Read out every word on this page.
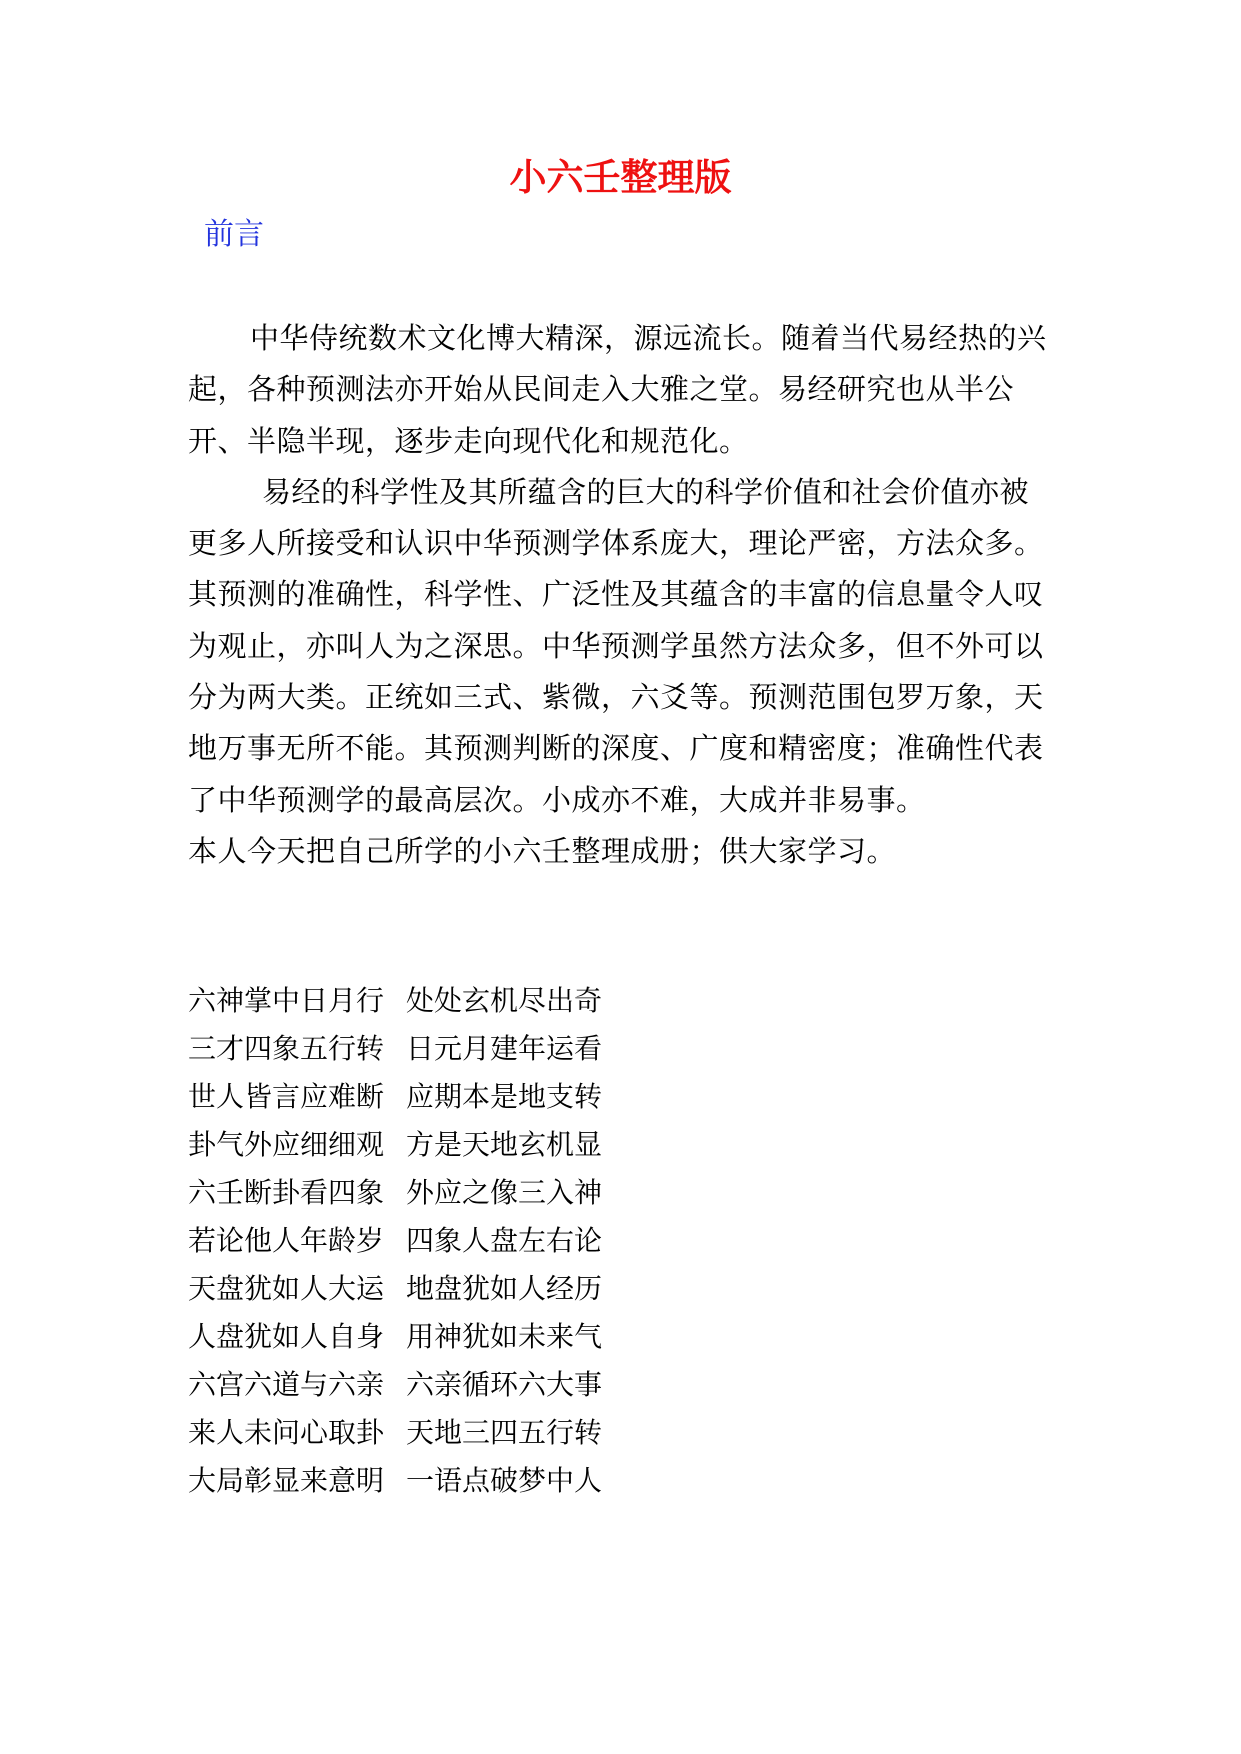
小六壬整理版
前言

中华侍统数术文化博大精深，源远流长。随着当代易经热的兴起，各种预测法亦开始从民间走入大雅之堂。易经研究也从半公开、半隐半现，逐步走向现代化和规范化。

易经的科学性及其所蕴含的巨大的科学价值和社会价值亦被更多人所接受和认识中华预测学体系庞大，理论严密，方法众多。其预测的准确性，科学性、广泛性及其蕴含的丰富的信息量令人叹为观止，亦叫人为之深思。中华预测学虽然方法众多，但不外可以分为两大类。正统如三式、紫微，六爻等。预测范围包罗万象，天地万事无所不能。其预测判断的深度、广度和精密度；准确性代表了中华预测学的最高层次。小成亦不难，大成并非易事。

本人今天把自己所学的小六壬整理成册；供大家学习。

六神掌中日月行 处处玄机尽出奇
三才四象五行转 日元月建年运看
世人皆言应难断 应期本是地支转
卦气外应细细观 方是天地玄机显
六壬断卦看四象 外应之像三入神
若论他人年龄岁 四象人盘左右论
天盘犹如人大运 地盘犹如人经历
人盘犹如人自身 用神犹如未来气
六宫六道与六亲 六亲循环六大事
来人未问心取卦 天地三四五行转
大局彰显来意明 一语点破梦中人
